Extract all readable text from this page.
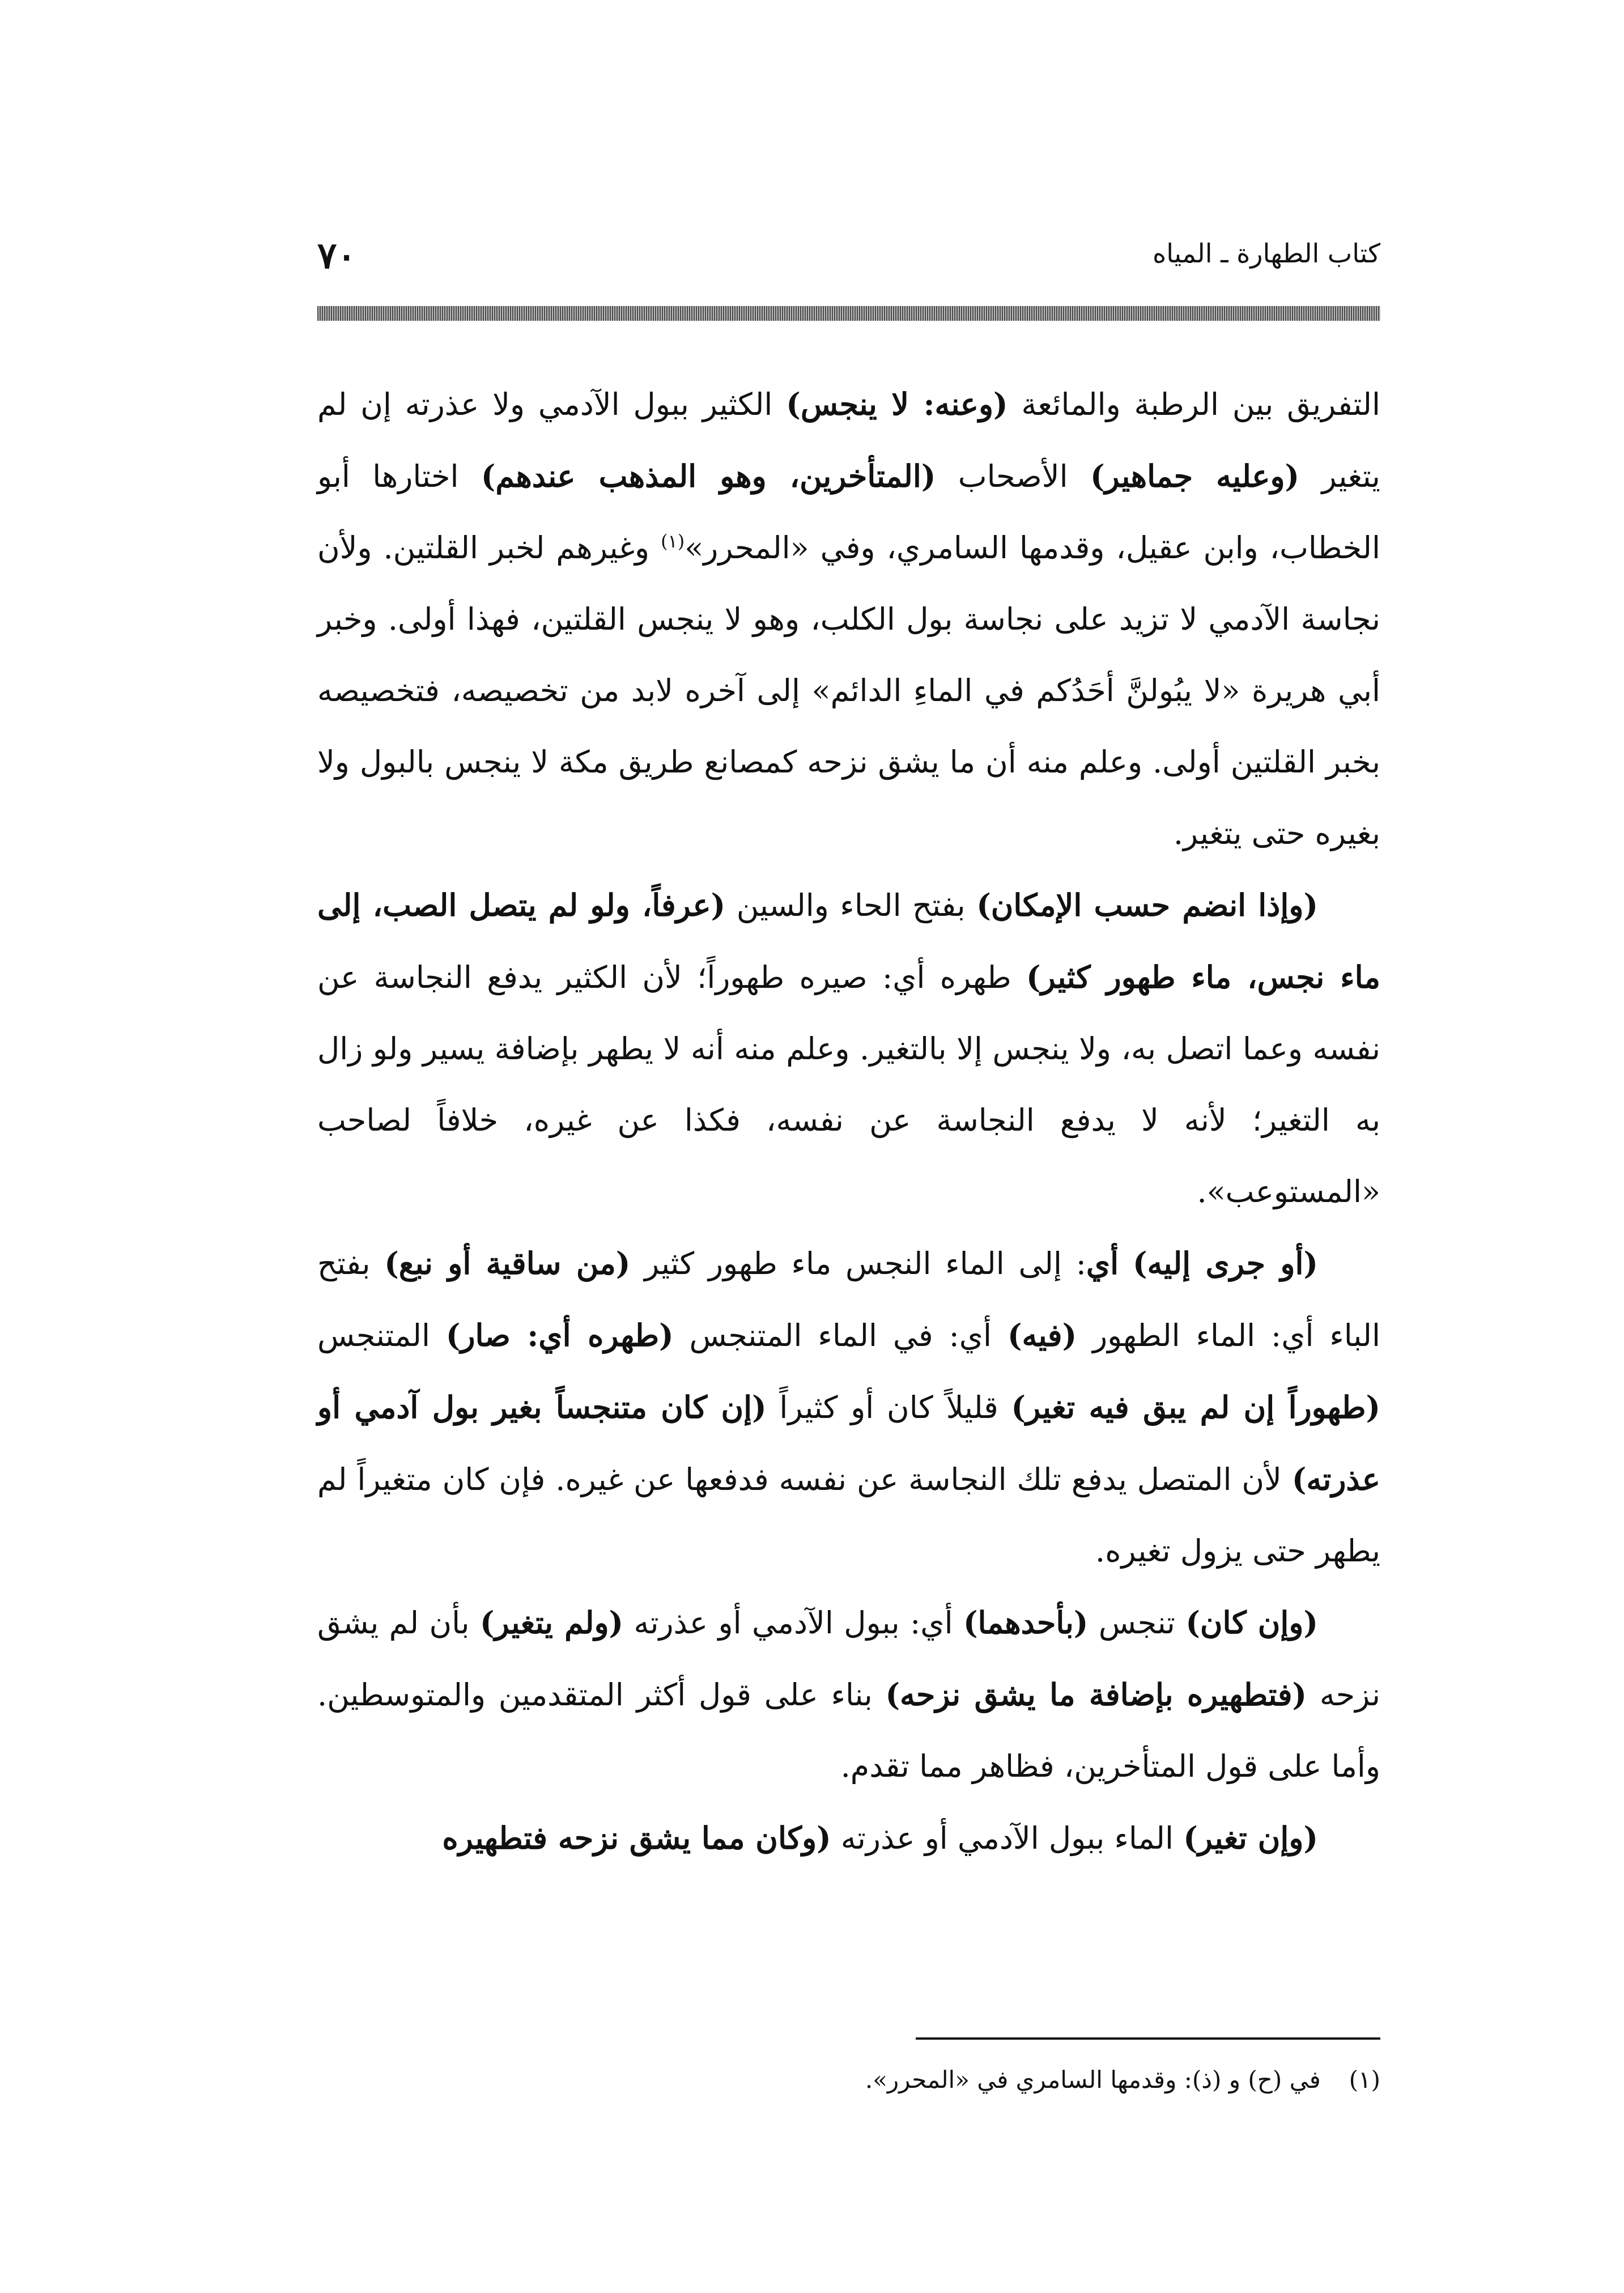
كتاب الطهارة ـ المياه
٧٠

التفريق بين الرطبة والمائعة (وعنه: لا ينجس) الكثير ببول الآدمي ولا عذرته إن لم يتغير (وعليه جماهير) الأصحاب (المتأخرين، وهو المذهب عندهم) اختارها أبو الخطاب، وابن عقيل، وقدمها السامري، وفي «المحرر»$^{(١)}$ وغيرهم لخبر القلتين. ولأن نجاسة الآدمي لا تزيد على نجاسة بول الكلب، وهو لا ينجس القلتين، فهذا أولى. وخبر أبي هريرة «لا يبُولنَّ أحَدُكم في الماءِ الدائم» إلى آخره لابد من تخصيصه، فتخصيصه بخبر القلتين أولى. وعلم منه أن ما يشق نزحه كمصانع طريق مكة لا ينجس بالبول ولا بغيره حتى يتغير.

(وإذا انضم حسب الإمكان) بفتح الحاء والسين (عرفاً، ولو لم يتصل الصب، إلى ماء نجس، ماء طهور كثير) طهره أي: صيره طهوراً؛ لأن الكثير يدفع النجاسة عن نفسه وعما اتصل به، ولا ينجس إلا بالتغير. وعلم منه أنه لا يطهر بإضافة يسير ولو زال به التغير؛ لأنه لا يدفع النجاسة عن نفسه، فكذا عن غيره، خلافاً لصاحب «المستوعب».

(أو جرى إليه) أي: إلى الماء النجس ماء طهور كثير (من ساقية أو نبع) بفتح الباء أي: الماء الطهور (فيه) أي: في الماء المتنجس (طهره أي: صار) المتنجس (طهوراً إن لم يبق فيه تغير) قليلاً كان أو كثيراً (إن كان متنجساً بغير بول آدمي أو عذرته) لأن المتصل يدفع تلك النجاسة عن نفسه فدفعها عن غيره. فإن كان متغيراً لم يطهر حتى يزول تغيره.

(وإن كان) تنجس (بأحدهما) أي: ببول الآدمي أو عذرته (ولم يتغير) بأن لم يشق نزحه (فتطهيره بإضافة ما يشق نزحه) بناء على قول أكثر المتقدمين والمتوسطين. وأما على قول المتأخرين، فظاهر مما تقدم.

(وإن تغير) الماء ببول الآدمي أو عذرته (وكان مما يشق نزحه فتطهيره

(١)في (ح) و (ذ): وقدمها السامري في «المحرر».
